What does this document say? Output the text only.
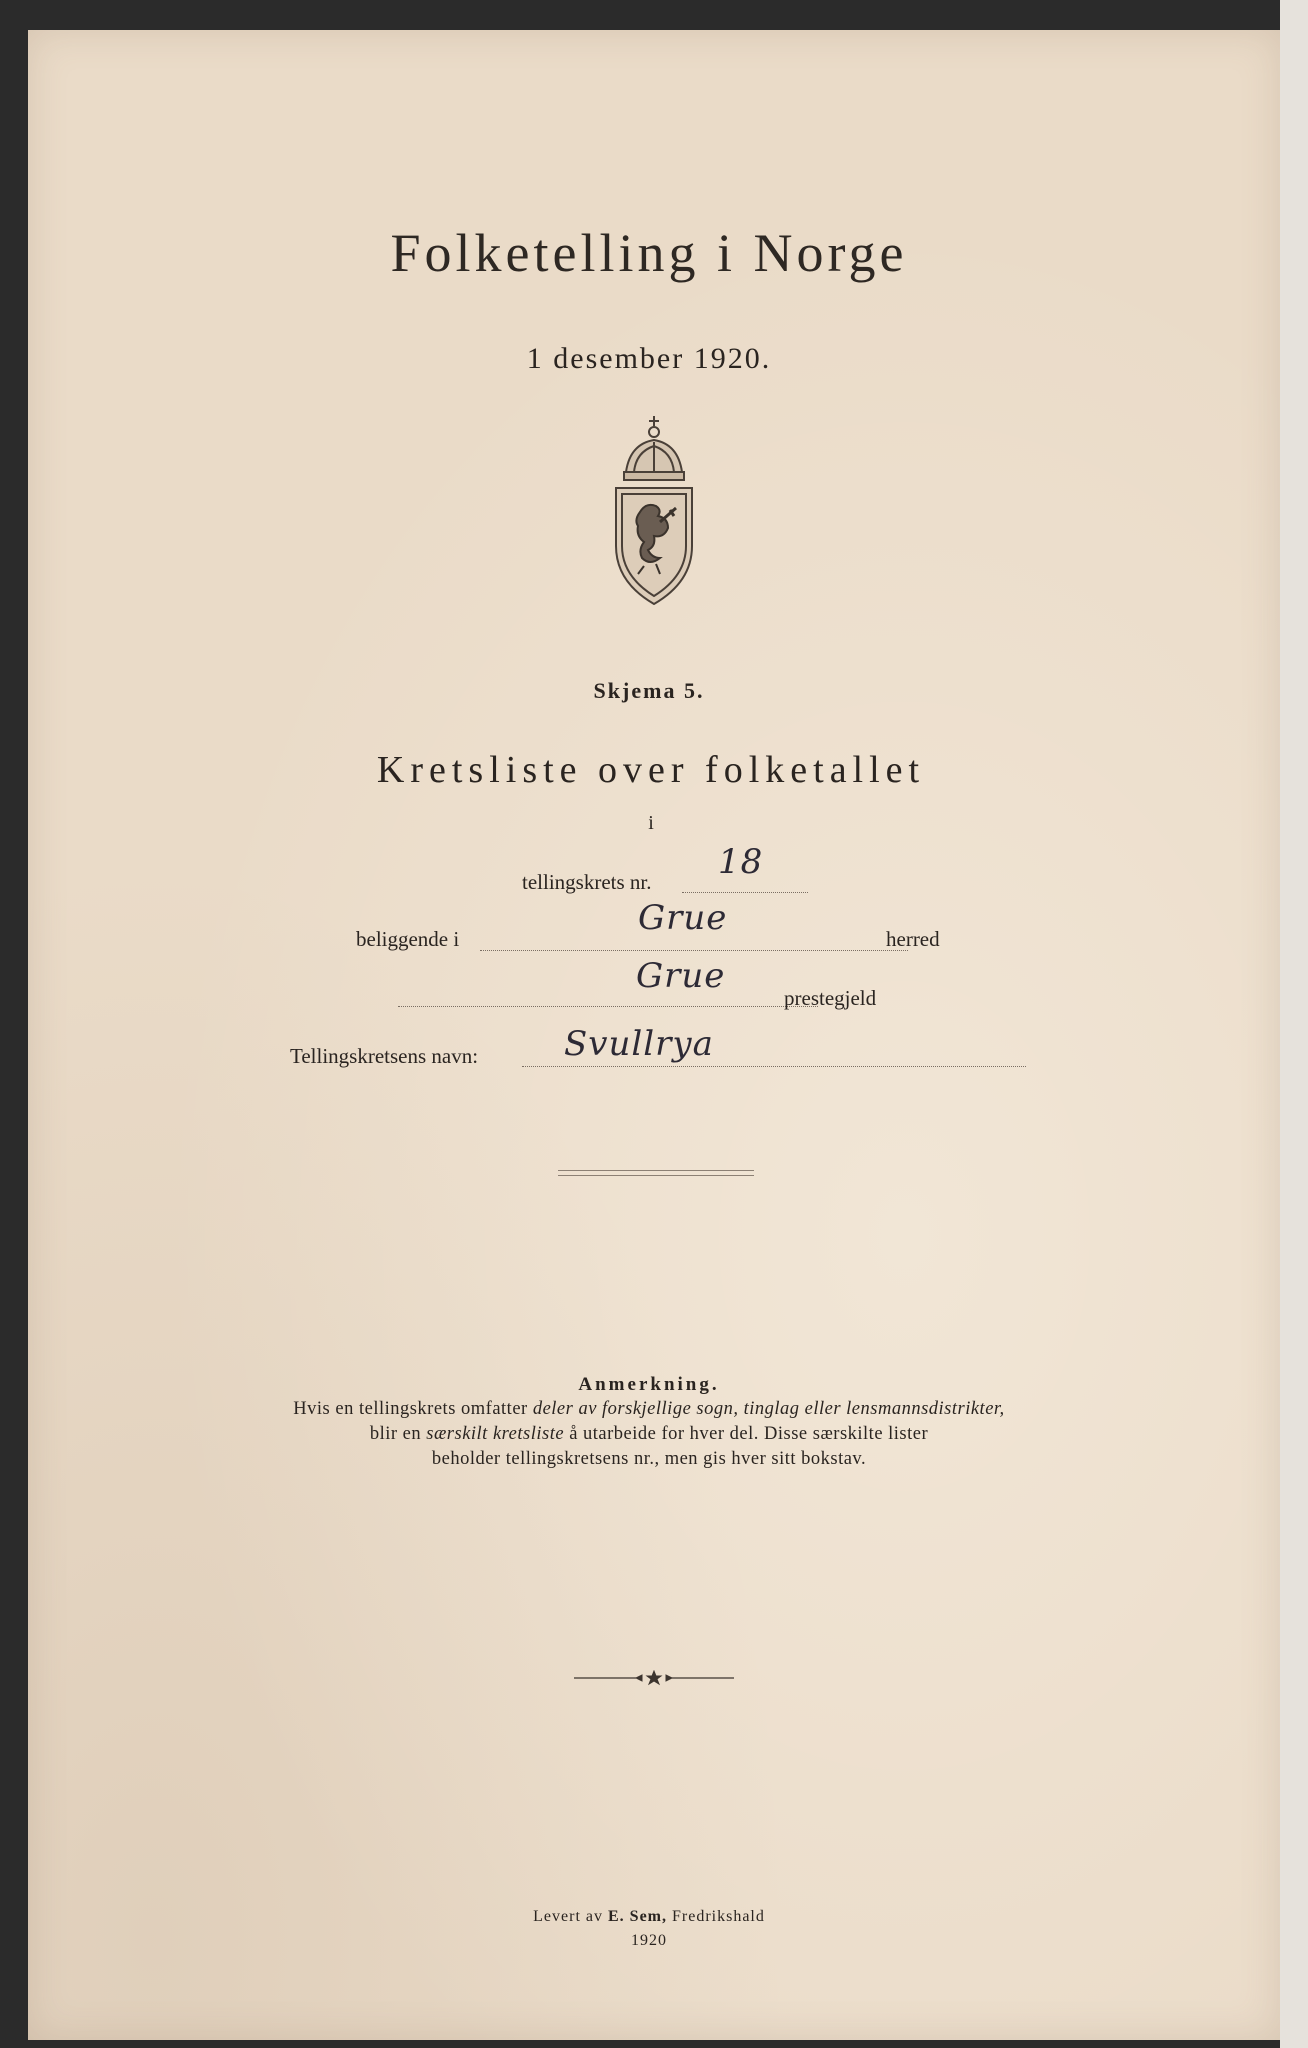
Folketelling i Norge
1 desember 1920.
Skjema 5.
Kretsliste over folketallet
i
tellingskrets nr. 18
beliggende i
Grue
herred
Grue
prestegjeld
Tellingskretsens navn:	Svullrya
Anmerkning.
Hvis en tellingskrets omfatter deler av forskjellige sogn, tinglag eller lensmannsdistrikter,
blir en særskilt kretsliste å utarbeide for hver del. Disse særskilte lister
beholder tellingskretsens nr., men gis hver sitt bokstav.
Levert av E. Sem, Fredrikshald
1920
